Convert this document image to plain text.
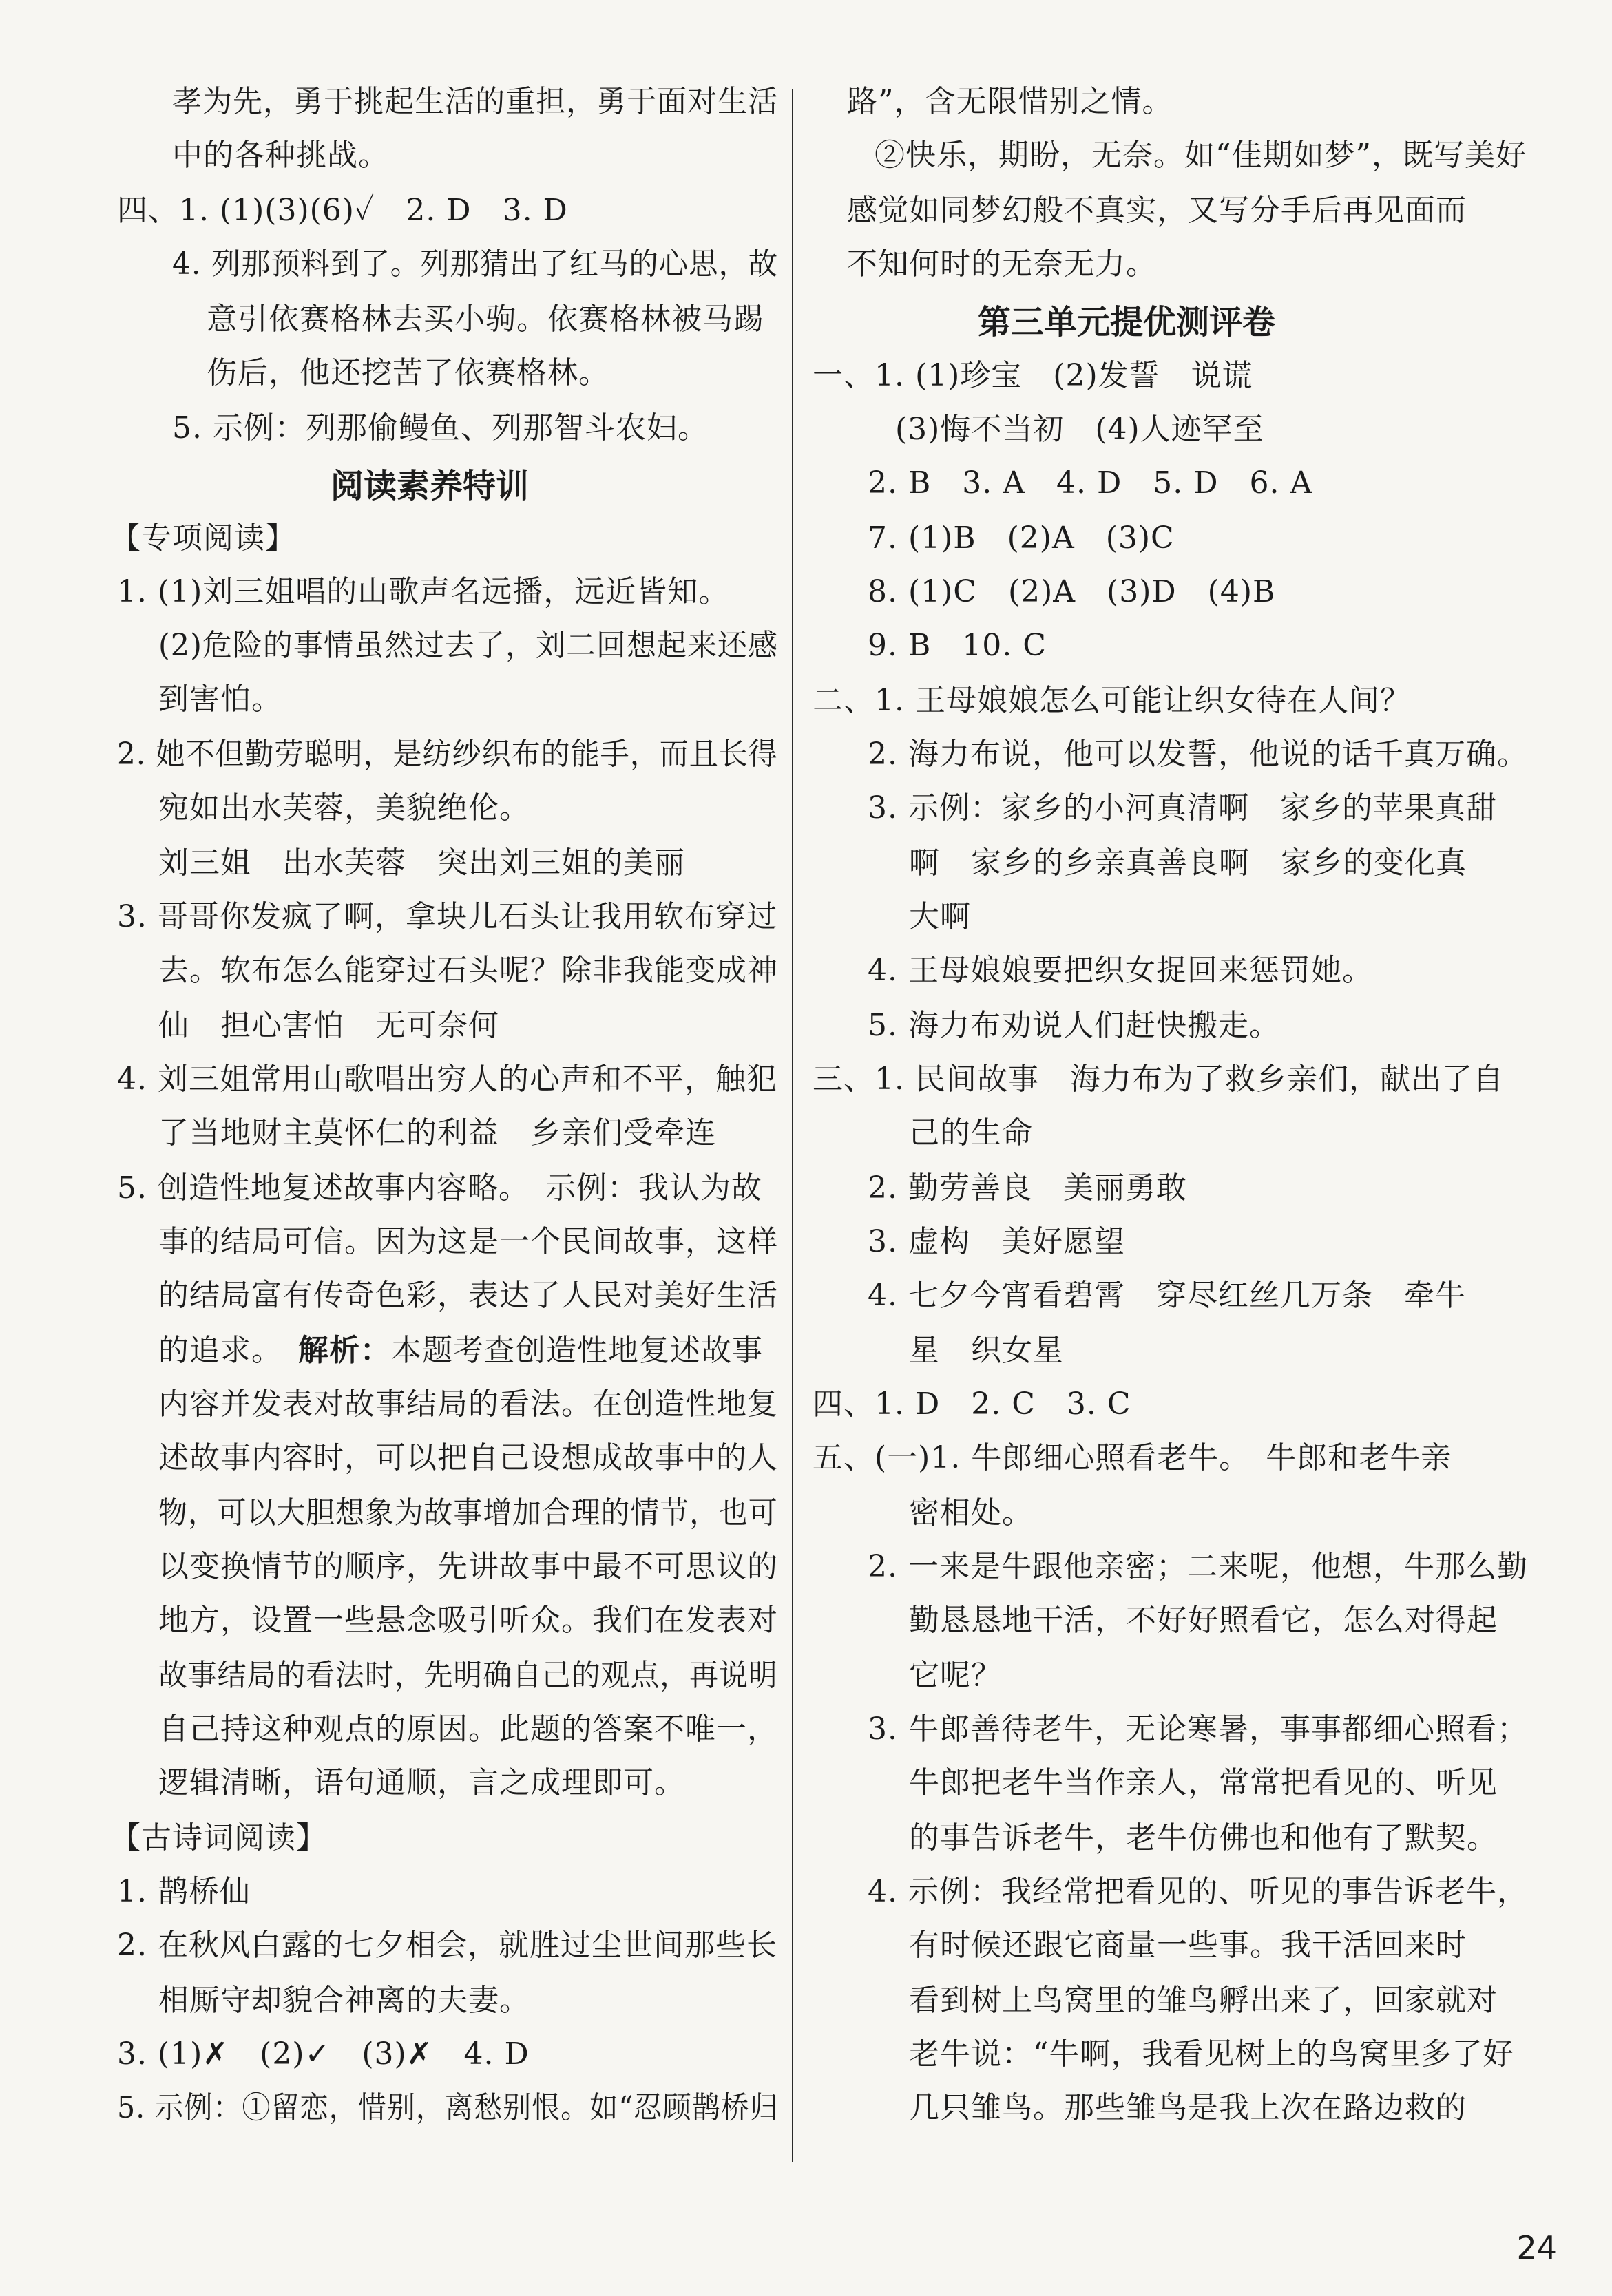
孝为先，勇于挑起生活的重担，勇于面对生活
中的各种挑战。
四、1. (1)(3)(6)✓　2. D　3. D
4. 列那预料到了。列那猜出了红马的心思，故
意引依赛格林去买小驹。依赛格林被马踢
伤后，他还挖苦了依赛格林。
5. 示例：列那偷鳗鱼、列那智斗农妇。
阅读素养特训
【专项阅读】
1. (1)刘三姐唱的山歌声名远播，远近皆知。
(2)危险的事情虽然过去了，刘二回想起来还感
到害怕。
2. 她不但勤劳聪明，是纺纱织布的能手，而且长得
宛如出水芙蓉，美貌绝伦。
刘三姐　出水芙蓉　突出刘三姐的美丽
3. 哥哥你发疯了啊，拿块儿石头让我用软布穿过
去。软布怎么能穿过石头呢？除非我能变成神
仙　担心害怕　无可奈何
4. 刘三姐常用山歌唱出穷人的心声和不平，触犯
了当地财主莫怀仁的利益　乡亲们受牵连
5. 创造性地复述故事内容略。　示例：我认为故
事的结局可信。因为这是一个民间故事，这样
的结局富有传奇色彩，表达了人民对美好生活
的追求。　解析：本题考查创造性地复述故事
内容并发表对故事结局的看法。在创造性地复
述故事内容时，可以把自己设想成故事中的人
物，可以大胆想象为故事增加合理的情节，也可
以变换情节的顺序，先讲故事中最不可思议的
地方，设置一些悬念吸引听众。我们在发表对
故事结局的看法时，先明确自己的观点，再说明
自己持这种观点的原因。此题的答案不唯一，
逻辑清晰，语句通顺，言之成理即可。
【古诗词阅读】
1. 鹊桥仙
2. 在秋风白露的七夕相会，就胜过尘世间那些长
相厮守却貌合神离的夫妻。
3. (1)✗　(2)✓　(3)✗　4. D
5. 示例：①留恋，惜别，离愁别恨。如“忍顾鹊桥归
路”，含无限惜别之情。
②快乐，期盼，无奈。如“佳期如梦”，既写美好
感觉如同梦幻般不真实，又写分手后再见面而
不知何时的无奈无力。
第三单元提优测评卷
一、1. (1)珍宝　(2)发誓　说谎
(3)悔不当初　(4)人迹罕至
2. B　3. A　4. D　5. D　6. A
7. (1)B　(2)A　(3)C
8. (1)C　(2)A　(3)D　(4)B
9. B　10. C
二、1. 王母娘娘怎么可能让织女待在人间？
2. 海力布说，他可以发誓，他说的话千真万确。
3. 示例：家乡的小河真清啊　家乡的苹果真甜
啊　家乡的乡亲真善良啊　家乡的变化真
大啊
4. 王母娘娘要把织女捉回来惩罚她。
5. 海力布劝说人们赶快搬走。
三、1. 民间故事　海力布为了救乡亲们，献出了自
己的生命
2. 勤劳善良　美丽勇敢
3. 虚构　美好愿望
4. 七夕今宵看碧霄　穿尽红丝几万条　牵牛
星　织女星
四、1. D　2. C　3. C
五、(一)1. 牛郎细心照看老牛。　牛郎和老牛亲
密相处。
2. 一来是牛跟他亲密；二来呢，他想，牛那么勤
勤恳恳地干活，不好好照看它，怎么对得起
它呢？
3. 牛郎善待老牛，无论寒暑，事事都细心照看；
牛郎把老牛当作亲人，常常把看见的、听见
的事告诉老牛，老牛仿佛也和他有了默契。
4. 示例：我经常把看见的、听见的事告诉老牛，
有时候还跟它商量一些事。我干活回来时
看到树上鸟窝里的雏鸟孵出来了，回家就对
老牛说：“牛啊，我看见树上的鸟窝里多了好
几只雏鸟。那些雏鸟是我上次在路边救的
24
